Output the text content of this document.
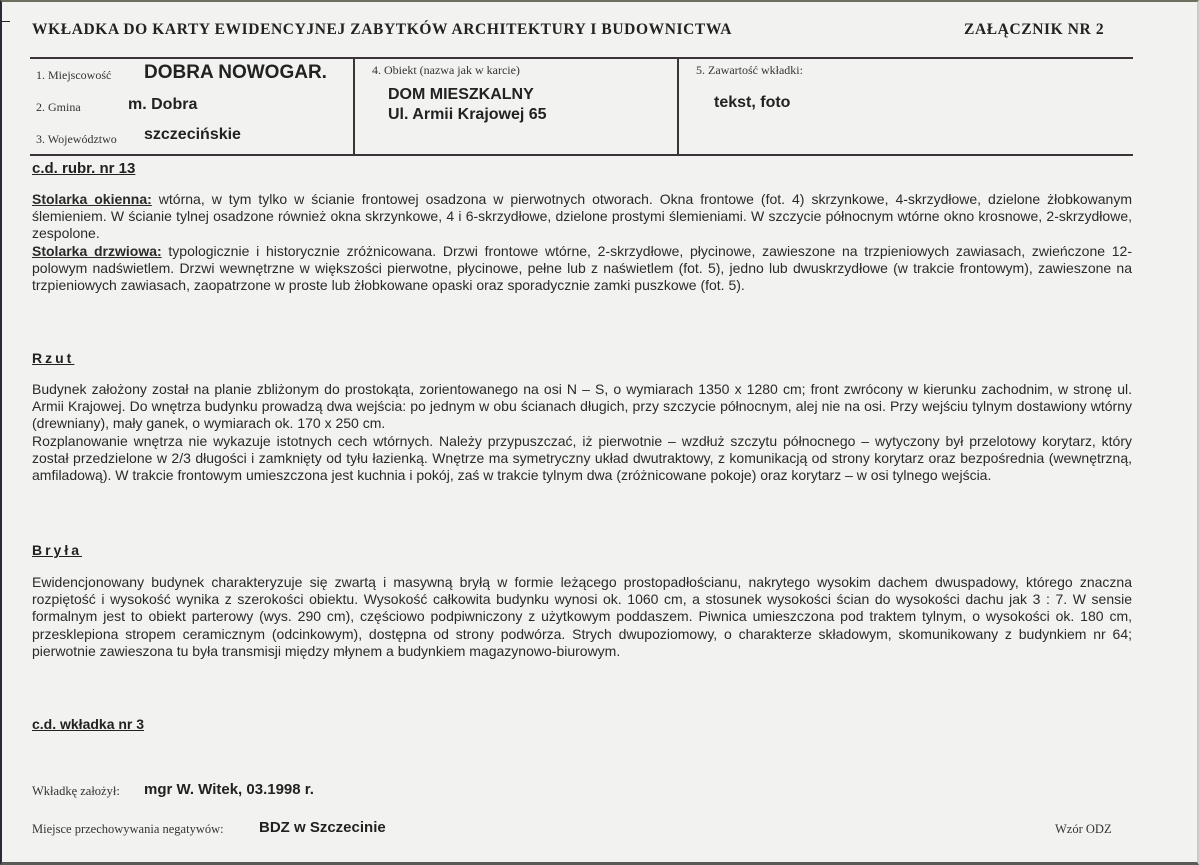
WKŁADKA DO KARTY EWIDENCYJNEJ ZABYTKÓW ARCHITEKTURY I BUDOWNICTWA	ZAŁĄCZNIK NR 2
1. Miejscowość DOBRA NOWOGAR.
2. Gmina	m. Dobra
3. Województwo szczecińskie
4. Obiekt (nazwa jak w karcie)
DOM MIESZKALNY
Ul. Armii Krajowej 65
5. Zawartość wkładki:
tekst, foto
c.d. rubr. nr 13

Stolarka okienna: wtórna, w tym tylko w ścianie frontowej osadzona w pierwotnych otworach. Okna frontowe (fot. 4) skrzynkowe, 4-skrzydłowe, dzielone żłobkowanym ślemieniem. W ścianie tylnej osadzone również okna skrzynkowe, 4 i 6-skrzydłowe, dzielone prostymi ślemieniami. W szczycie północnym wtórne okno krosnowe, 2-skrzydłowe, zespolone.

Stolarka drzwiowa: typologicznie i historycznie zróżnicowana. Drzwi frontowe wtórne, 2-skrzydłowe, płycinowe, zawieszone na trzpieniowych zawiasach, zwieńczone 12-polowym nadświetlem. Drzwi wewnętrzne w większości pierwotne, płycinowe, pełne lub z naświetlem (fot. 5), jedno lub dwuskrzydłowe (w trakcie frontowym), zawieszone na trzpieniowych zawiasach, zaopatrzone w proste lub żłobkowane opaski oraz sporadycznie zamki puszkowe (fot. 5).

Rzut

Budynek założony został na planie zbliżonym do prostokąta, zorientowanego na osi N – S, o wymiarach 1350 x 1280 cm; front zwrócony w kierunku zachodnim, w stronę ul. Armii Krajowej. Do wnętrza budynku prowadzą dwa wejścia: po jednym w obu ścianach długich, przy szczycie północnym, alej nie na osi. Przy wejściu tylnym dostawiony wtórny (drewniany), mały ganek, o wymiarach ok. 170 x 250 cm.

Rozplanowanie wnętrza nie wykazuje istotnych cech wtórnych. Należy przypuszczać, iż pierwotnie – wzdłuż szczytu północnego – wytyczony był przelotowy korytarz, który został przedzielone w 2/3 długości i zamknięty od tyłu łazienką. Wnętrze ma symetryczny układ dwutraktowy, z komunikacją od strony korytarz oraz bezpośrednia (wewnętrzną, amfiladową). W trakcie frontowym umieszczona jest kuchnia i pokój, zaś w trakcie tylnym dwa (zróżnicowane pokoje) oraz korytarz – w osi tylnego wejścia.

Bryła

Ewidencjonowany budynek charakteryzuje się zwartą i masywną bryłą w formie leżącego prostopadłościanu, nakrytego wysokim dachem dwuspadowy, którego znaczna rozpiętość i wysokość wynika z szerokości obiektu. Wysokość całkowita budynku wynosi ok. 1060 cm, a stosunek wysokości ścian do wysokości dachu jak 3 : 7. W sensie formalnym jest to obiekt parterowy (wys. 290 cm), częściowo podpiwniczony z użytkowym poddaszem. Piwnica umieszczona pod traktem tylnym, o wysokości ok. 180 cm, przesklepiona stropem ceramicznym (odcinkowym), dostępna od strony podwórza. Strych dwupoziomowy, o charakterze składowym, skomunikowany z budynkiem nr 64; pierwotnie zawieszona tu była transmisji między młynem a budynkiem magazynowo-biurowym.

c.d. wkładka nr 3
Wkładkę założył: mgr W. Witek, 03.1998 r.
Miejsce przechowywania negatywów: BDZ w Szczecinie	Wzór ODZ
